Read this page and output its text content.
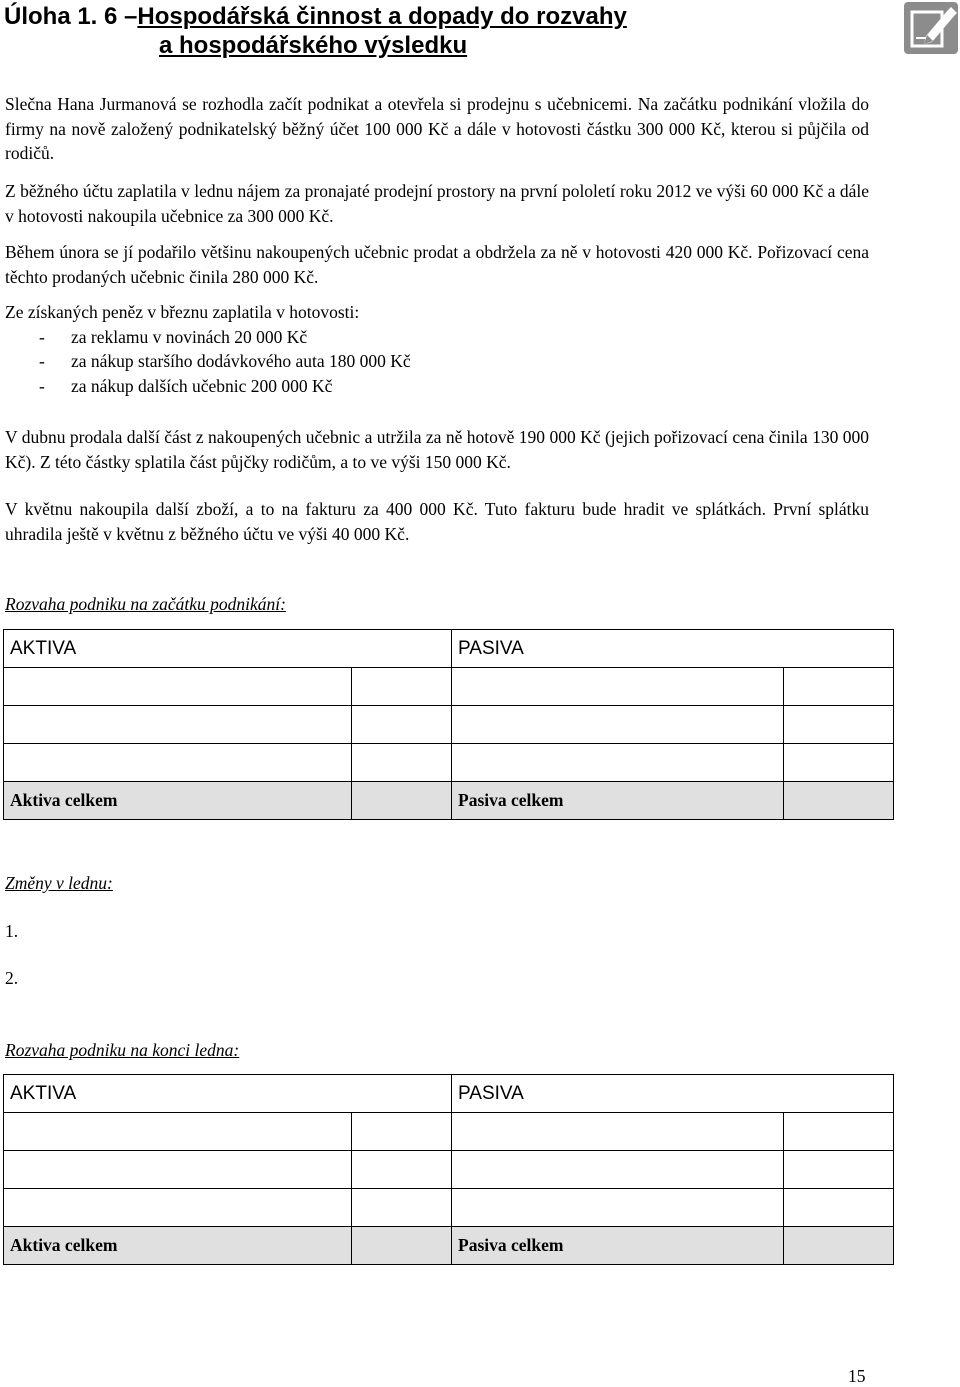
Úloha 1. 6 –Hospodářská činnost a dopady do rozvahy
a hospodářského výsledku
Slečna Hana Jurmanová se rozhodla začít podnikat a otevřela si prodejnu s učebnicemi. Na začátku podnikání vložila do firmy na nově založený podnikatelský běžný účet 100 000 Kč a dále v hotovosti částku 300 000 Kč, kterou si půjčila od rodičů.
Z běžného účtu zaplatila v lednu nájem za pronajaté prodejní prostory na první pololetí roku 2012 ve výši 60 000 Kč a dále v hotovosti nakoupila učebnice za 300 000 Kč.
Během února se jí podařilo většinu nakoupených učebnic prodat a obdržela za ně v hotovosti 420 000 Kč. Pořizovací cena těchto prodaných učebnic činila 280 000 Kč.
Ze získaných peněz v březnu zaplatila v hotovosti:
- za reklamu v novinách 20 000 Kč
- za nákup staršího dodávkového auta 180 000 Kč
- za nákup dalších učebnic 200 000 Kč
V dubnu prodala další část z nakoupených učebnic a utržila za ně hotově 190 000 Kč (jejich pořizovací cena činila 130 000 Kč). Z této částky splatila část půjčky rodičům, a to ve výši 150 000 Kč.
V květnu nakoupila další zboží, a to na fakturu za 400 000 Kč. Tuto fakturu bude hradit ve splátkách. První splátku uhradila ještě v květnu z běžného účtu ve výši 40 000 Kč.
Rozvaha podniku na začátku podnikání:
AKTIVA		PASIVA	

Aktiva celkem		Pasiva celkem	
Změny v lednu:
1.
2.
Rozvaha podniku na konci ledna:
AKTIVA		PASIVA	

Aktiva celkem		Pasiva celkem	
15
